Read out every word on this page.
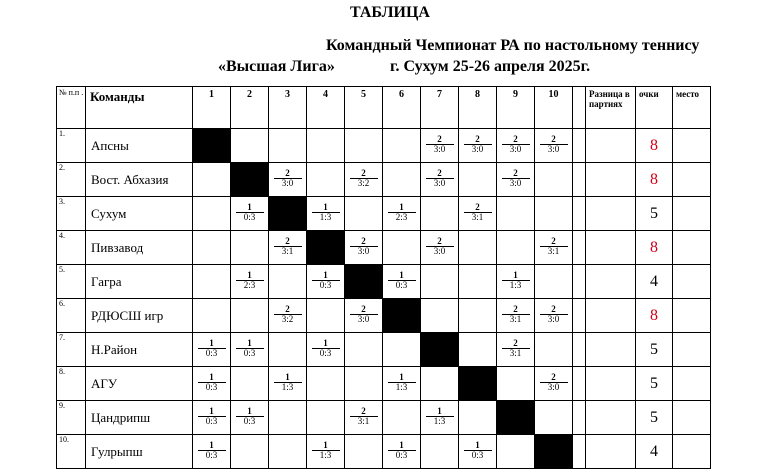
ТАБЛИЦА
Командный Чемпионат РА по настольному теннису
«Высшая Лига»	г. Сухум 25-26 апреля 2025г.
№ п.п .	Команды	1	2	3	4	5	6	7	8	9	10		Разница в партиях	очки	место
1.	Апсны							$\frac{2}{3:0}$	$\frac{2}{3:0}$	$\frac{2}{3:0}$	$\frac{2}{3:0}$			8	
2.	Вост. Абхазия			$\frac{2}{3:0}$		$\frac{2}{3:2}$		$\frac{2}{3:0}$		$\frac{2}{3:0}$				8	
3.	Сухум		$\frac{1}{0:3}$		$\frac{1}{1:3}$		$\frac{1}{2:3}$		$\frac{2}{3:1}$					5	
4.	Пивзавод			$\frac{2}{3:1}$		$\frac{2}{3:0}$		$\frac{2}{3:0}$			$\frac{2}{3:1}$			8	
5.	Гагра		$\frac{1}{2:3}$		$\frac{1}{0:3}$		$\frac{1}{0:3}$			$\frac{1}{1:3}$				4	
6.	РДЮСШ игр			$\frac{2}{3:2}$		$\frac{2}{3:0}$				$\frac{2}{3:1}$	$\frac{2}{3:0}$			8	
7.	Н.Район	$\frac{1}{0:3}$	$\frac{1}{0:3}$		$\frac{1}{0:3}$					$\frac{2}{3:1}$				5	
8.	АГУ	$\frac{1}{0:3}$		$\frac{1}{1:3}$			$\frac{1}{1:3}$				$\frac{2}{3:0}$			5	
9.	Цандрипш	$\frac{1}{0:3}$	$\frac{1}{0:3}$			$\frac{2}{3:1}$		$\frac{1}{1:3}$						5	
10.	Гулрыпш	$\frac{1}{0:3}$			$\frac{1}{1:3}$		$\frac{1}{0:3}$		$\frac{1}{0:3}$					4	
